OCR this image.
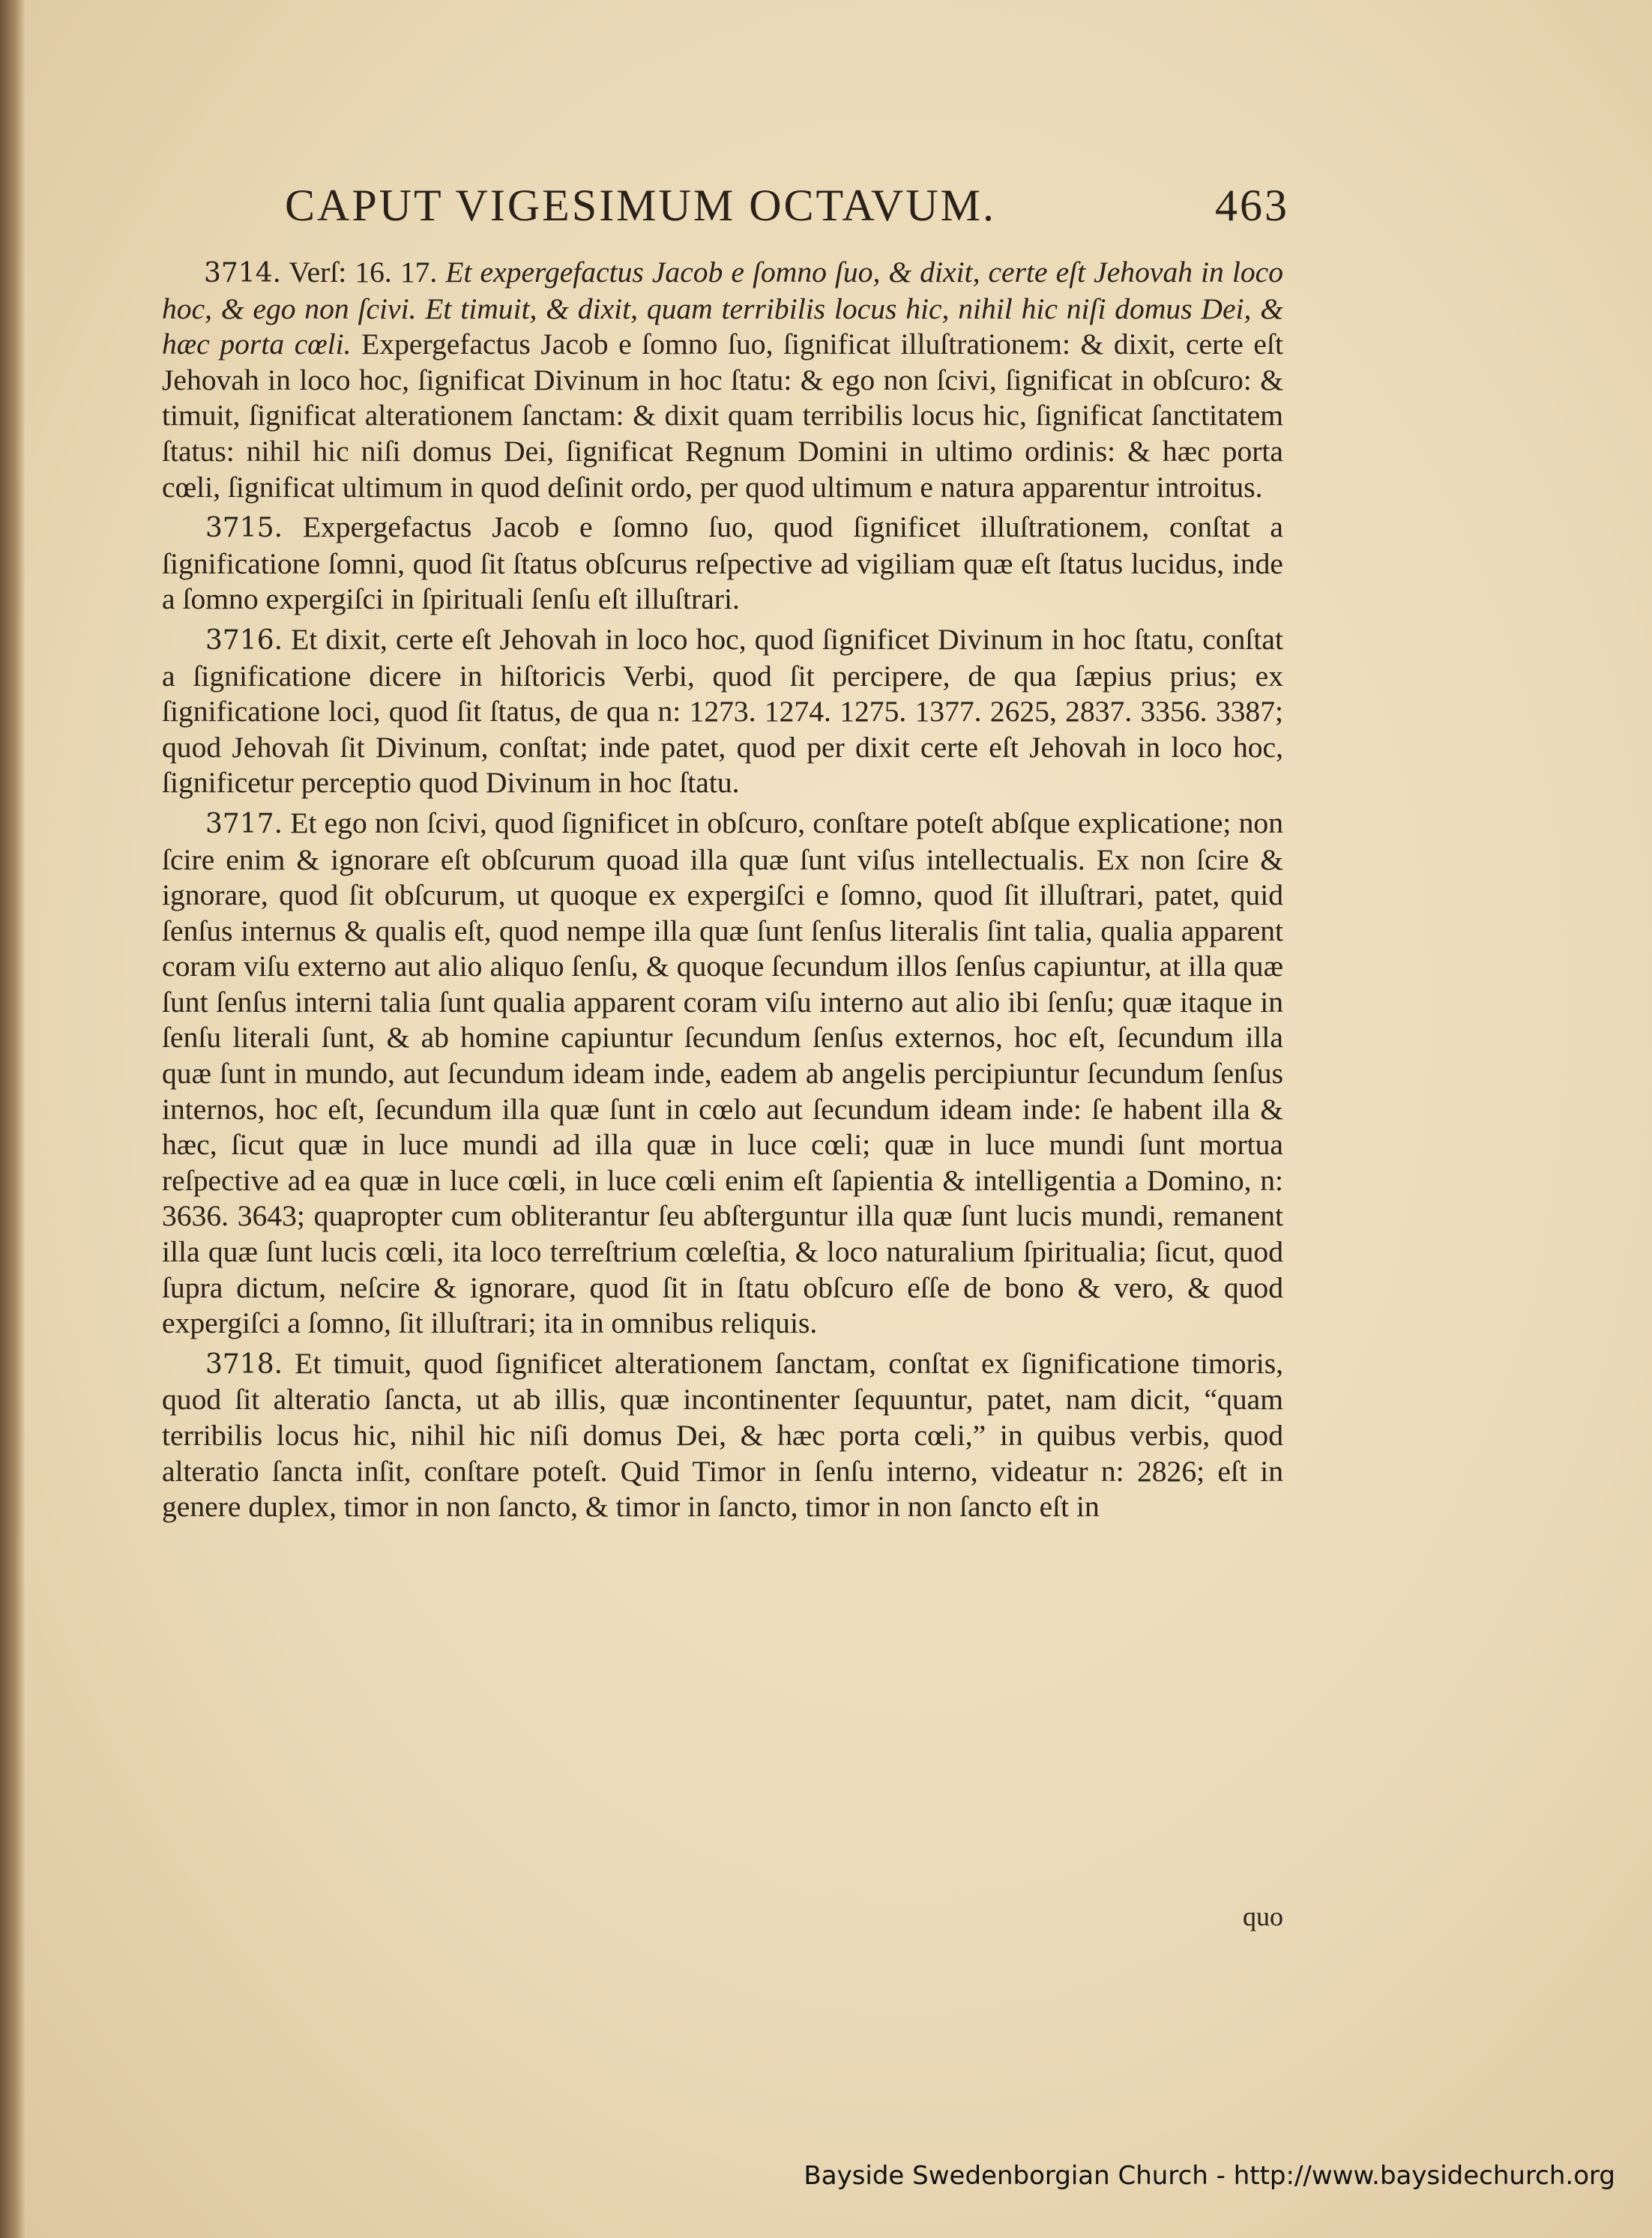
CAPUT VIGESIMUM OCTAVUM.	463

3714. Verſ: 16. 17. Et expergefactus Jacob e ſomno ſuo, & dixit, certe eſt Jehovah in loco hoc, & ego non ſcivi. Et timuit, & dixit, quam terribilis locus hic, nihil hic niſi domus Dei, & hæc porta cœli. Expergefactus Jacob e ſomno ſuo, ſignificat illuſtrationem: & dixit, certe eſt Jehovah in loco hoc, ſignificat Divinum in hoc ſtatu: & ego non ſcivi, ſignificat in obſcuro: & timuit, ſignificat alterationem ſanctam: & dixit quam terribilis locus hic, ſignificat ſanctitatem ſtatus: nihil hic niſi domus Dei, ſignificat Regnum Domini in ultimo ordinis: & hæc porta cœli, ſignificat ultimum in quod deſinit ordo, per quod ultimum e natura apparentur introitus.

3715. Expergefactus Jacob e ſomno ſuo, quod ſignificet illuſtrationem, conſtat a ſignificatione ſomni, quod ſit ſtatus obſcurus reſpective ad vigiliam quæ eſt ſtatus lucidus, inde a ſomno expergiſci in ſpirituali ſenſu eſt illuſtrari.

3716. Et dixit, certe eſt Jehovah in loco hoc, quod ſignificet Divinum in hoc ſtatu, conſtat a ſignificatione dicere in hiſtoricis Verbi, quod ſit percipere, de qua ſæpius prius; ex ſignificatione loci, quod ſit ſtatus, de qua n: 1273. 1274. 1275. 1377. 2625, 2837. 3356. 3387; quod Jehovah ſit Divinum, conſtat; inde patet, quod per dixit certe eſt Jehovah in loco hoc, ſignificetur perceptio quod Divinum in hoc ſtatu.

3717. Et ego non ſcivi, quod ſignificet in obſcuro, conſtare poteſt abſque explicatione; non ſcire enim & ignorare eſt obſcurum quoad illa quæ ſunt viſus intellectualis. Ex non ſcire & ignorare, quod ſit obſcurum, ut quoque ex expergiſci e ſomno, quod ſit illuſtrari, patet, quid ſenſus internus & qualis eſt, quod nempe illa quæ ſunt ſenſus literalis ſint talia, qualia apparent coram viſu externo aut alio aliquo ſenſu, & quoque ſecundum illos ſenſus capiuntur, at illa quæ ſunt ſenſus interni talia ſunt qualia apparent coram viſu interno aut alio ibi ſenſu; quæ itaque in ſenſu literali ſunt, & ab homine capiuntur ſecundum ſenſus externos, hoc eſt, ſecundum illa quæ ſunt in mundo, aut ſecundum ideam inde, eadem ab angelis percipiuntur ſecundum ſenſus internos, hoc eſt, ſecundum illa quæ ſunt in cœlo aut ſecundum ideam inde: ſe habent illa & hæc, ſicut quæ in luce mundi ad illa quæ in luce cœli; quæ in luce mundi ſunt mortua reſpective ad ea quæ in luce cœli, in luce cœli enim eſt ſapientia & intelligentia a Domino, n: 3636. 3643; quapropter cum obliterantur ſeu abſterguntur illa quæ ſunt lucis mundi, remanent illa quæ ſunt lucis cœli, ita loco terreſtrium cœleſtia, & loco naturalium ſpiritualia; ſicut, quod ſupra dictum, neſcire & ignorare, quod ſit in ſtatu obſcuro eſſe de bono & vero, & quod expergiſci a ſomno, ſit illuſtrari; ita in omnibus reliquis.

3718. Et timuit, quod ſignificet alterationem ſanctam, conſtat ex ſignificatione timoris, quod ſit alteratio ſancta, ut ab illis, quæ incontinenter ſequuntur, patet, nam dicit, “quam terribilis locus hic, nihil hic niſi domus Dei, & hæc porta cœli,” in quibus verbis, quod alteratio ſancta inſit, conſtare poteſt. Quid Timor in ſenſu interno, videatur n: 2826; eſt in genere duplex, timor in non ſancto, & timor in ſancto, timor in non ſancto eſt in

quo
Bayside Swedenborgian Church - http://www.baysidechurch.org
